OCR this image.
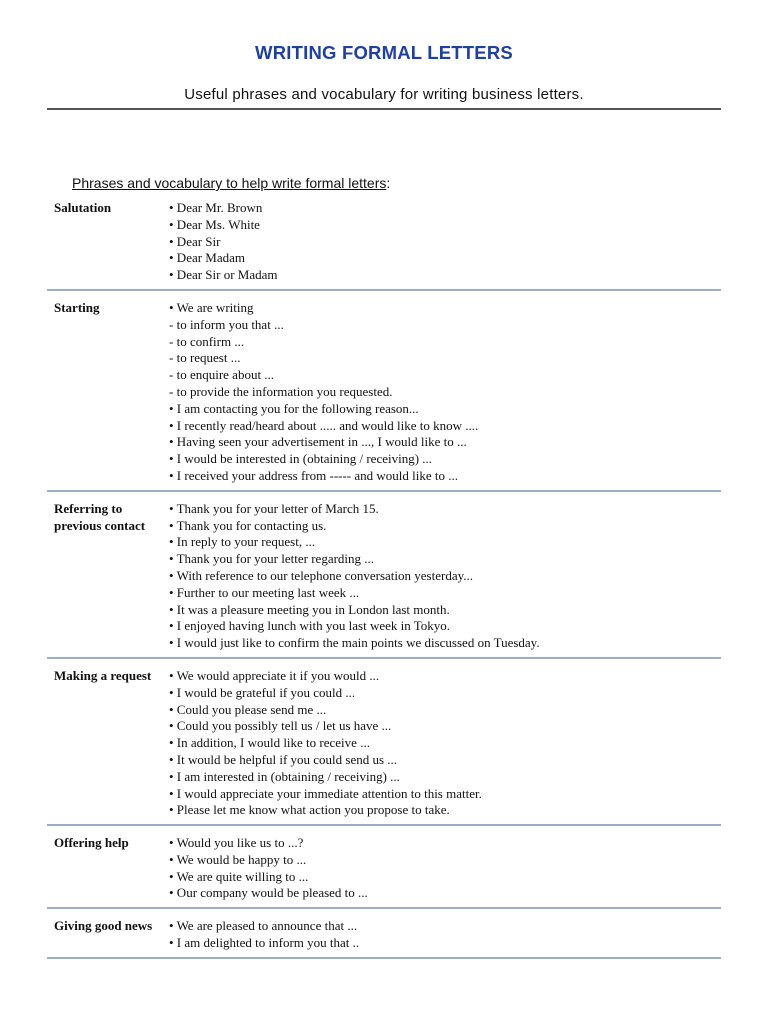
WRITING FORMAL LETTERS
Useful phrases and vocabulary for writing business letters.
Phrases and vocabulary to help write formal letters:
Salutation	• Dear Mr. Brown
• Dear Ms. White
• Dear Sir
• Dear Madam
• Dear Sir or Madam
Starting	• We are writing
- to inform you that ...
- to confirm ...
- to request ...
- to enquire about ...
- to provide the information you requested.
• I am contacting you for the following reason...
• I recently read/heard about ..... and would like to know ....
• Having seen your advertisement in ..., I would like to ...
• I would be interested in (obtaining / receiving) ...
• I received your address from ----- and would like to ...
Referring to previous contact
• Thank you for your letter of March 15.
• Thank you for contacting us.
• In reply to your request, ...
• Thank you for your letter regarding ...
• With reference to our telephone conversation yesterday...
• Further to our meeting last week ...
• It was a pleasure meeting you in London last month.
• I enjoyed having lunch with you last week in Tokyo.
• I would just like to confirm the main points we discussed on Tuesday.
Making a request	• We would appreciate it if you would ...
• I would be grateful if you could ...
• Could you please send me ...
• Could you possibly tell us / let us have ...
• In addition, I would like to receive ...
• It would be helpful if you could send us ...
• I am interested in (obtaining / receiving) ...
• I would appreciate your immediate attention to this matter.
• Please let me know what action you propose to take.
Offering help	• Would you like us to ...?
• We would be happy to ...
• We are quite willing to ...
• Our company would be pleased to ...
Giving good news	• We are pleased to announce that ...
• I am delighted to inform you that ..
